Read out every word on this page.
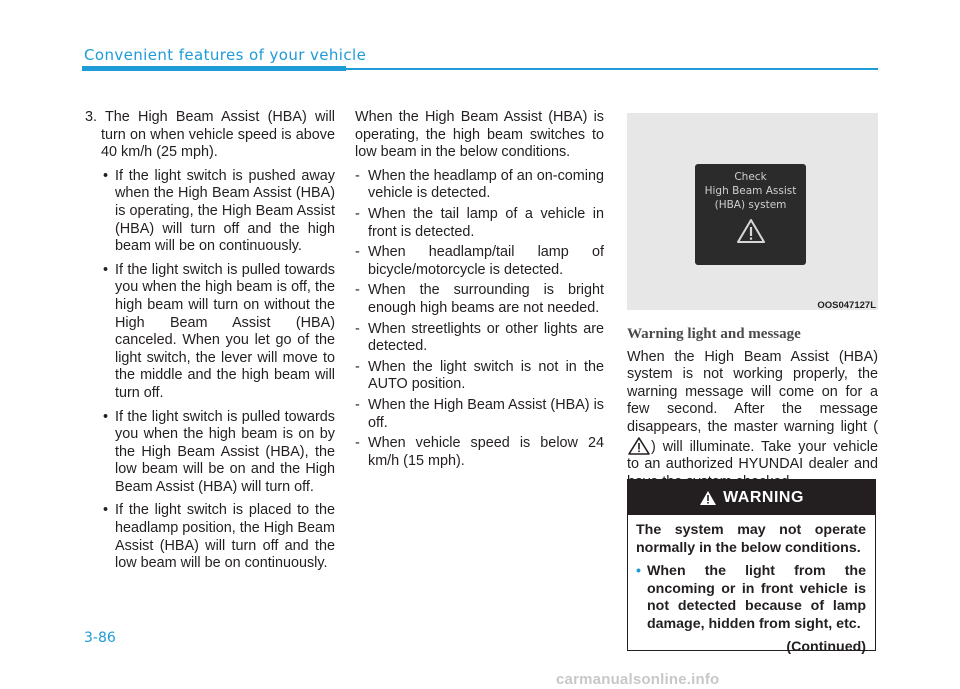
Convenient features of your vehicle

3. The High Beam Assist (HBA) will turn on when vehicle speed is above 40 km/h (25 mph).

• If the light switch is pushed away when the High Beam Assist (HBA) is operating, the High Beam Assist (HBA) will turn off and the high beam will be on continuously.

• If the light switch is pulled towards you when the high beam is off, the high beam will turn on without the High Beam Assist (HBA) canceled. When you let go of the light switch, the lever will move to the middle and the high beam will turn off.

• If the light switch is pulled towards you when the high beam is on by the High Beam Assist (HBA), the low beam will be on and the High Beam Assist (HBA) will turn off.

• If the light switch is placed to the headlamp position, the High Beam Assist (HBA) will turn off and the low beam will be on continuously.

When the High Beam Assist (HBA) is operating, the high beam switches to low beam in the below conditions.

- When the headlamp of an on-coming vehicle is detected.

- When the tail lamp of a vehicle in front is detected.

- When headlamp/tail lamp of bicycle/motorcycle is detected.

- When the surrounding is bright enough high beams are not needed.

- When streetlights or other lights are detected.

- When the light switch is not in the AUTO position.

- When the High Beam Assist (HBA) is off.

- When vehicle speed is below 24 km/h (15 mph).

Check
High Beam Assist
(HBA) system
OOS047127L
Warning light and message

When the High Beam Assist (HBA) system is not working properly, the warning message will come on for a few second. After the message disappears, the master warning light () will illuminate. Take your vehicle to an authorized HYUNDAI dealer and

WARNING

The system may not operate normally in the below conditions.

• When the light from the oncoming or in front vehicle is not detected because of lamp damage, hidden from sight, etc.

(Continued)

3-86
carmanualsonline.info
